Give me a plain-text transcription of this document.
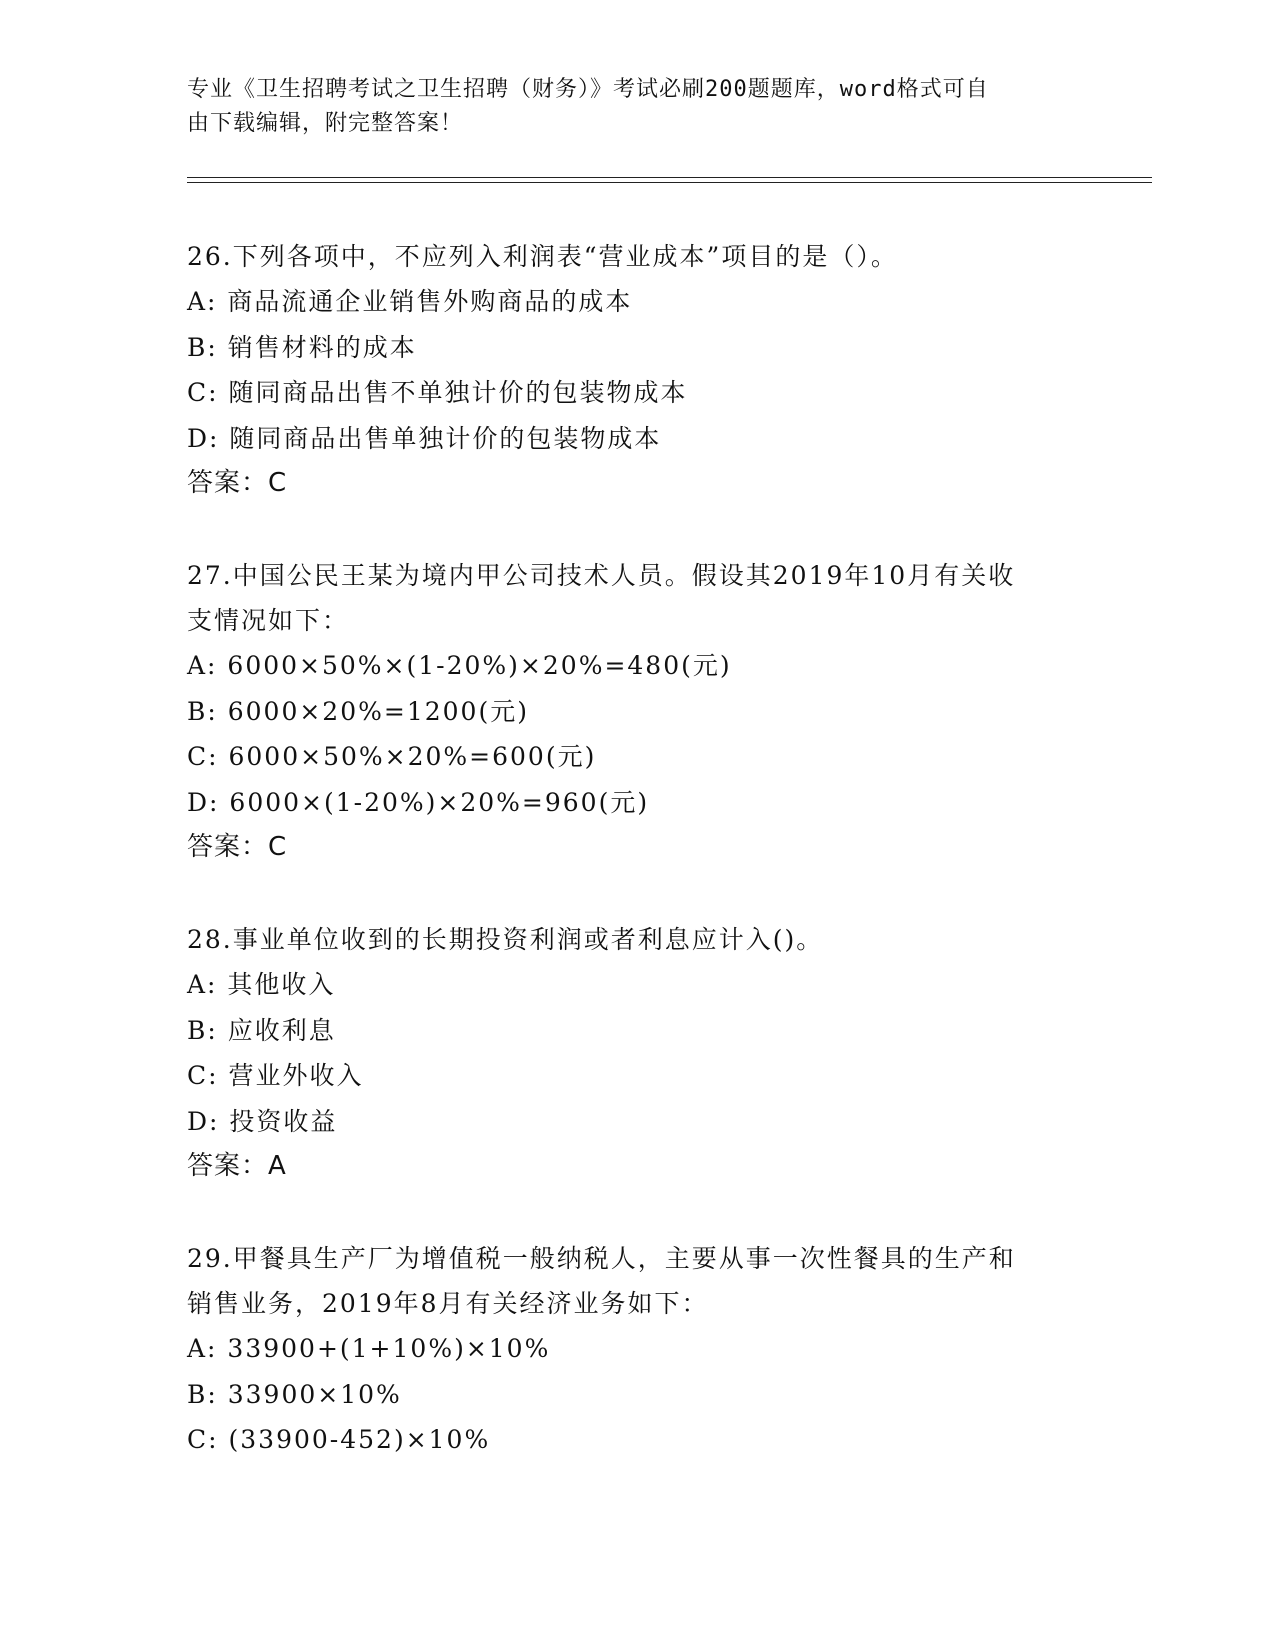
专业《卫生招聘考试之卫生招聘（财务）》考试必刷200题题库，word格式可自
由下载编辑，附完整答案！
26.下列各项中，不应列入利润表“营业成本”项目的是（）。
A: 商品流通企业销售外购商品的成本
B: 销售材料的成本
C: 随同商品出售不单独计价的包装物成本
D: 随同商品出售单独计价的包装物成本
答案：C
27.中国公民王某为境内甲公司技术人员。假设其2019年10月有关收
支情况如下：
A: 6000×50%×(1-20%)×20%=480(元)
B: 6000×20%=1200(元)
C: 6000×50%×20%=600(元)
D: 6000×(1-20%)×20%=960(元)
答案：C
28.事业单位收到的长期投资利润或者利息应计入()。
A: 其他收入
B: 应收利息
C: 营业外收入
D: 投资收益
答案：A
29.甲餐具生产厂为增值税一般纳税人，主要从事一次性餐具的生产和
销售业务，2019年8月有关经济业务如下：
A: 33900+(1+10%)×10%
B: 33900×10%
C: (33900-452)×10%
